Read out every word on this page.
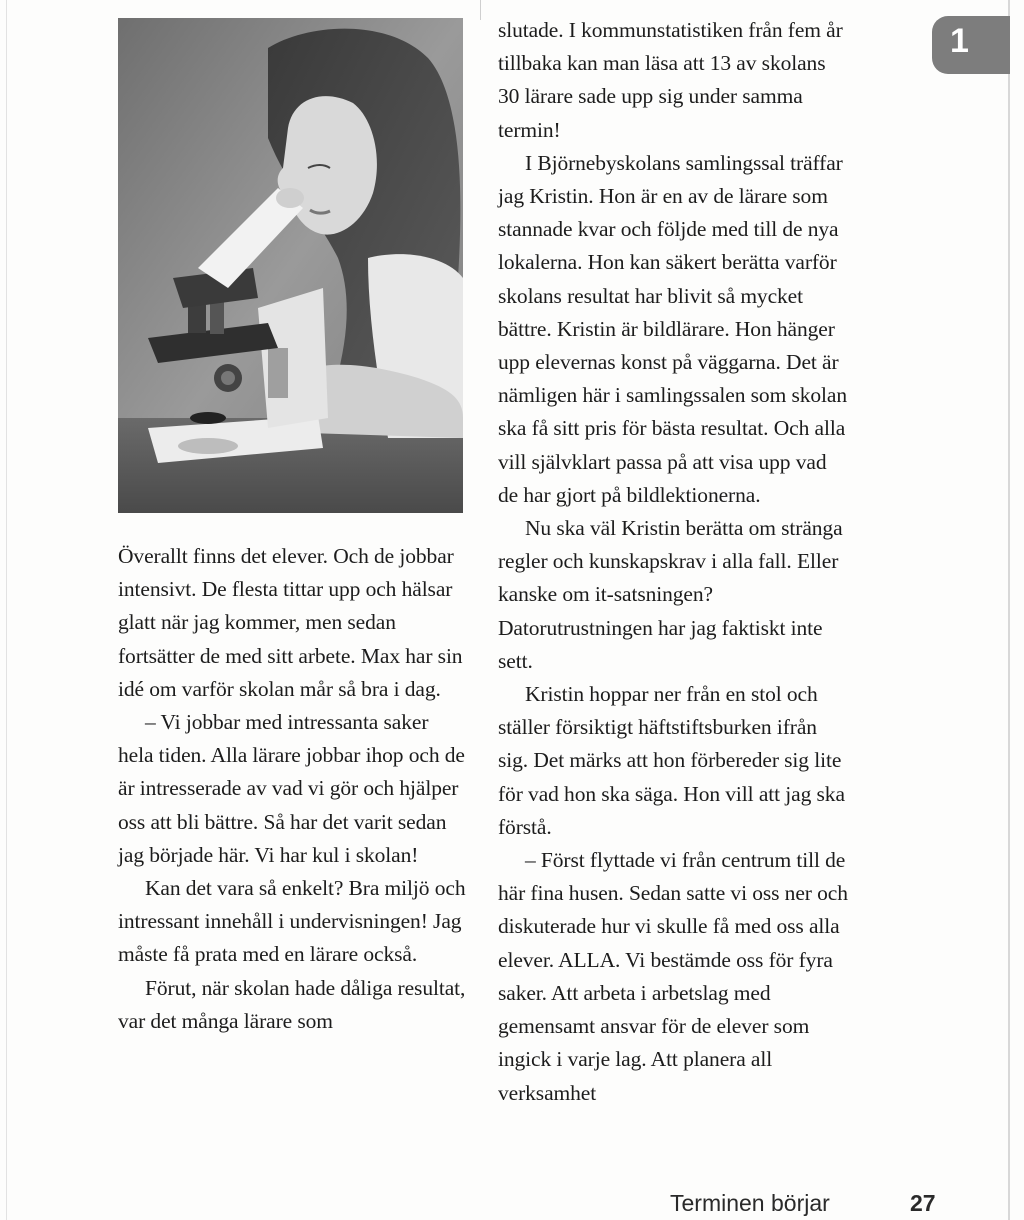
Överallt finns det elever. Och de jobbar intensivt. De flesta tittar upp och hälsar glatt när jag kommer, men sedan fortsätter de med sitt arbete. Max har sin idé om varför skolan mår så bra i dag.

– Vi jobbar med intressanta saker hela tiden. Alla lärare jobbar ihop och de är intresserade av vad vi gör och hjälper oss att bli bättre. Så har det varit sedan jag började här. Vi har kul i skolan!

Kan det vara så enkelt? Bra miljö och intressant innehåll i undervisningen! Jag måste få prata med en lärare också.

Förut, när skolan hade dåliga resultat, var det många lärare som

slutade. I kommunstatistiken från fem år tillbaka kan man läsa att 13 av skolans 30 lärare sade upp sig under samma termin!

I Björnebyskolans samlingssal träffar jag Kristin. Hon är en av de lärare som stannade kvar och följde med till de nya lokalerna. Hon kan säkert berätta varför skolans resultat har blivit så mycket bättre. Kristin är bildlärare. Hon hänger upp elevernas konst på väggarna. Det är nämligen här i samlingssalen som skolan ska få sitt pris för bästa resultat. Och alla vill självklart passa på att visa upp vad de har gjort på bildlektionerna.

Nu ska väl Kristin berätta om stränga regler och kunskapskrav i alla fall. Eller kanske om it-satsningen? Datorutrustningen har jag faktiskt inte sett.

Kristin hoppar ner från en stol och ställer försiktigt häftstiftsburken ifrån sig. Det märks att hon förbereder sig lite för vad hon ska säga. Hon vill att jag ska förstå.

– Först flyttade vi från centrum till de här fina husen. Sedan satte vi oss ner och diskuterade hur vi skulle få med oss alla elever. ALLA. Vi bestämde oss för fyra saker. Att arbeta i arbetslag med gemensamt ansvar för de elever som ingick i varje lag. Att planera all verksamhet

1
Terminen börjar	27
